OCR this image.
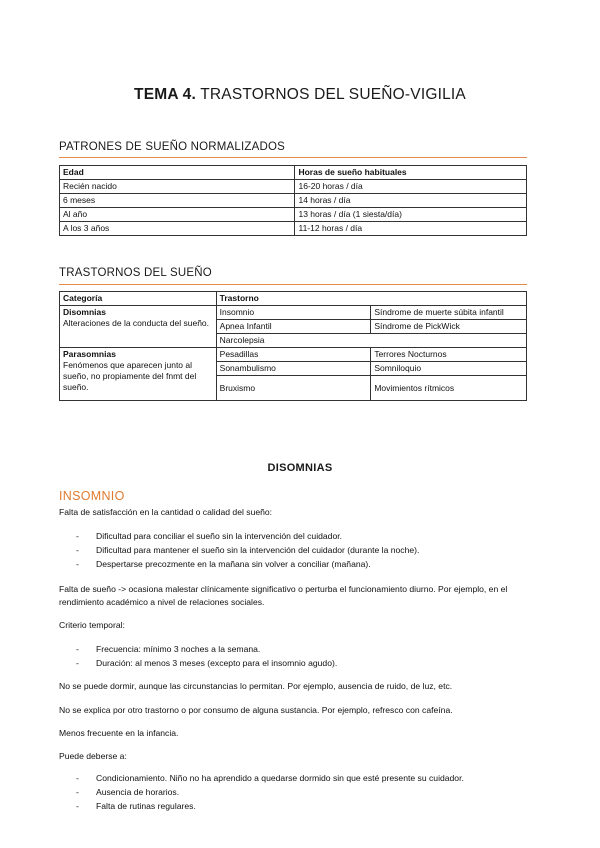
TEMA 4. TRASTORNOS DEL SUEÑO-VIGILIA
PATRONES DE SUEÑO NORMALIZADOS
Edad	Horas de sueño habituales
Recién nacido	16-20 horas / día
6 meses	14 horas / día
Al año	13 horas / día (1 siesta/día)
A los 3 años	11-12 horas / día
TRASTORNOS DEL SUEÑO
Categoría	Trastorno	

Disomnias
Alteraciones de la conducta del sueño.	Insomnio	Síndrome de muerte súbita infantil
	Apnea Infantil	Síndrome de PickWick
	Narcolepsia	

Parasomnias
Fenómenos que aparecen junto al sueño, no propiamente del fnmt del sueño.	Pesadillas	Terrores Nocturnos
	Sonambulismo	Somniloquio
	Bruxismo	Movimientos rítmicos
DISOMNIAS
INSOMNIO
Falta de satisfacción en la cantidad o calidad del sueño:
- Dificultad para conciliar el sueño sin la intervención del cuidador.
- Dificultad para mantener el sueño sin la intervención del cuidador (durante la noche).
- Despertarse precozmente en la mañana sin volver a conciliar (mañana).
Falta de sueño -> ocasiona malestar clínicamente significativo o perturba el funcionamiento diurno. Por ejemplo, en el rendimiento académico a nivel de relaciones sociales.
Criterio temporal:
- Frecuencia: mínimo 3 noches a la semana.
- Duración: al menos 3 meses (excepto para el insomnio agudo).
No se puede dormir, aunque las circunstancias lo permitan. Por ejemplo, ausencia de ruido, de luz, etc.
No se explica por otro trastorno o por consumo de alguna sustancia. Por ejemplo, refresco con cafeína.
Menos frecuente en la infancia.
Puede deberse a:
- Condicionamiento. Niño no ha aprendido a quedarse dormido sin que esté presente su cuidador.
- Ausencia de horarios.
- Falta de rutinas regulares.
